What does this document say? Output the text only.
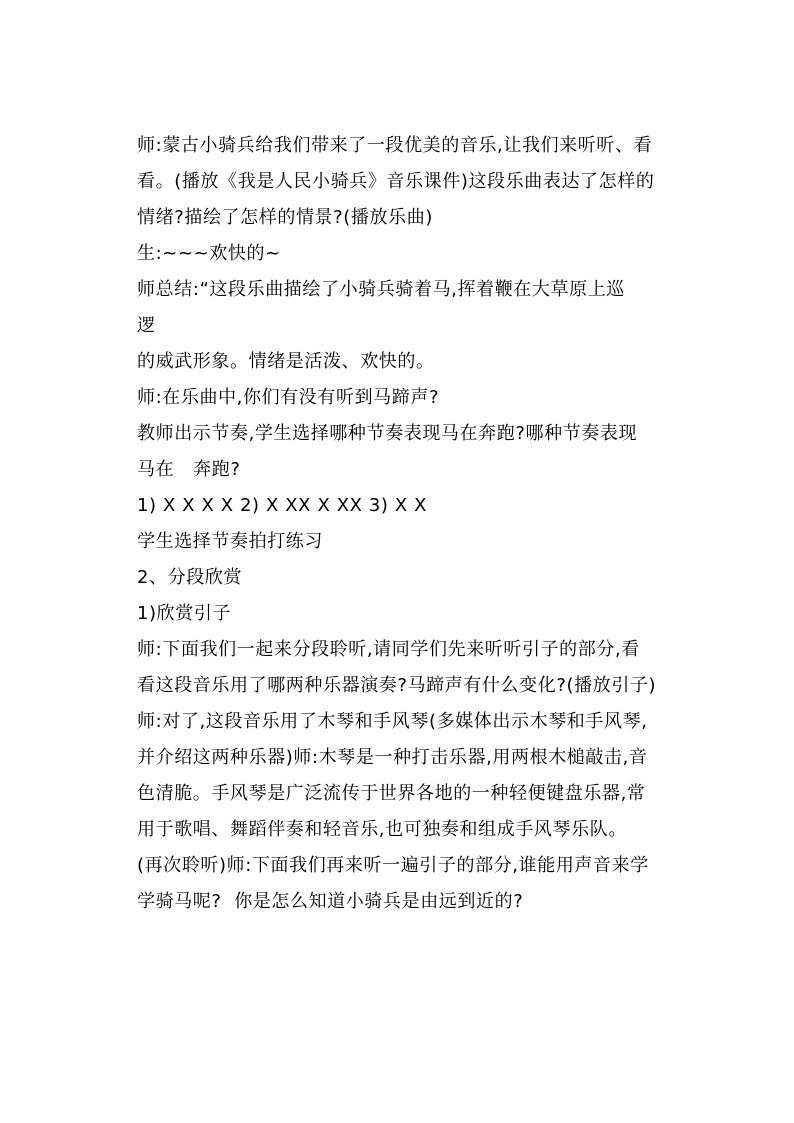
师:蒙古小骑兵给我们带来了一段优美的音乐,让我们来听听、看
看。(播放《我是人民小骑兵》音乐课件)这段乐曲表达了怎样的
情绪?描绘了怎样的情景?(播放乐曲)
生:~~~欢快的~
师总结:“这段乐曲描绘了小骑兵骑着马,挥着鞭在大草原上巡
逻
的威武形象。情绪是活泼、欢快的。
师:在乐曲中,你们有没有听到马蹄声?
教师出示节奏,学生选择哪种节奏表现马在奔跑?哪种节奏表现
马在   奔跑?
1) X X X X 2) X XX X XX 3) X X
学生选择节奏拍打练习
2、分段欣赏
1)欣赏引子
师:下面我们一起来分段聆听,请同学们先来听听引子的部分,看
看这段音乐用了哪两种乐器演奏?马蹄声有什么变化?(播放引子)
师:对了,这段音乐用了木琴和手风琴(多媒体出示木琴和手风琴,
并介绍这两种乐器)师:木琴是一种打击乐器,用两根木槌敲击,音
色清脆。手风琴是广泛流传于世界各地的一种轻便键盘乐器,常
用于歌唱、舞蹈伴奏和轻音乐,也可独奏和组成手风琴乐队。
(再次聆听)师:下面我们再来听一遍引子的部分,谁能用声音来学
学骑马呢?  你是怎么知道小骑兵是由远到近的?
